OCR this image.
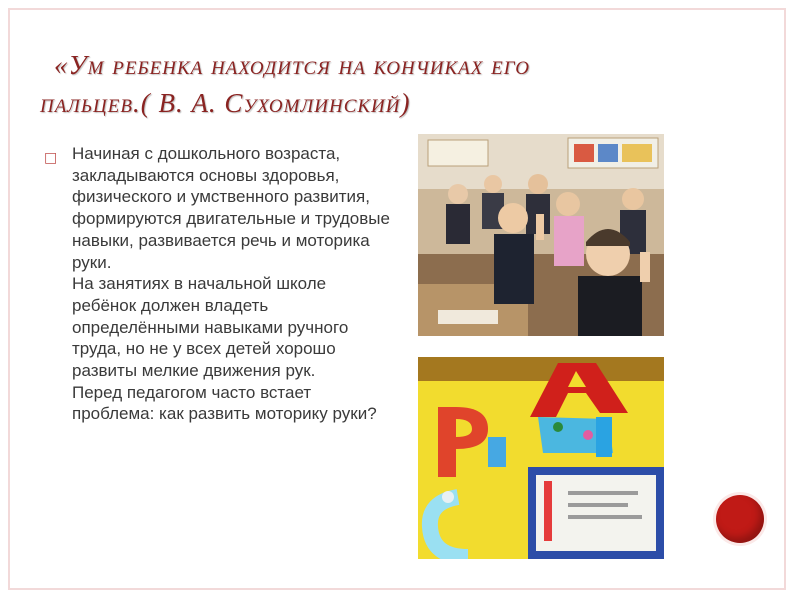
«Ум ребенка находится на кончиках его
пальцев.( В. А. Сухомлинский)
□ Начиная с дошкольного возраста, закладываются основы здоровья, физического и умственного развития, формируются двигательные и трудовые навыки, развивается речь и моторика руки.

На занятиях в начальной школе ребёнок должен владеть определёнными навыками ручного труда, но не у всех детей хорошо развиты мелкие движения рук.

Перед педагогом часто встает проблема: как развить моторику руки?
